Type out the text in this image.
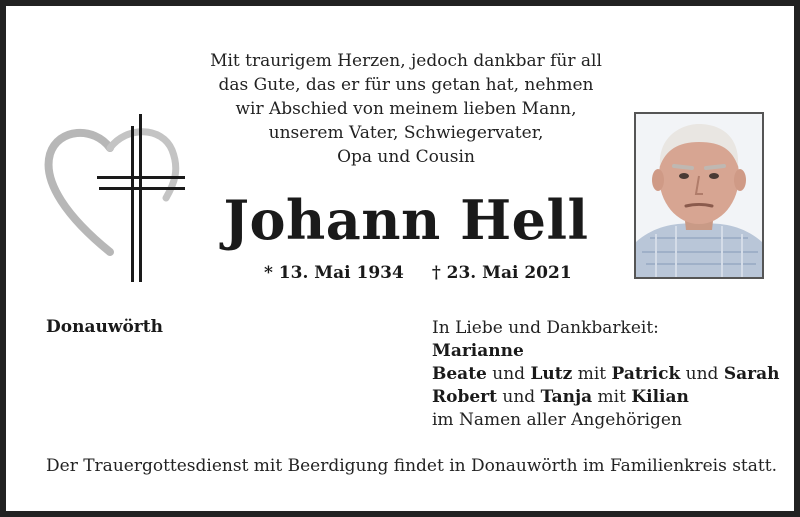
Mit traurigem Herzen, jedoch dankbar für all
das Gute, das er für uns getan hat, nehmen
wir Abschied von meinem lieben Mann,
unserem Vater, Schwiegervater,
Opa und Cousin
Johann Hell
* 13. Mai 1934 † 23. Mai 2021
Donauwörth	In Liebe und Dankbarkeit:
Marianne
Beate und Lutz mit Patrick und Sarah
Robert und Tanja mit Kilian
im Namen aller Angehörigen
Der Trauergottesdienst mit Beerdigung findet in Donauwörth im Familienkreis statt.
